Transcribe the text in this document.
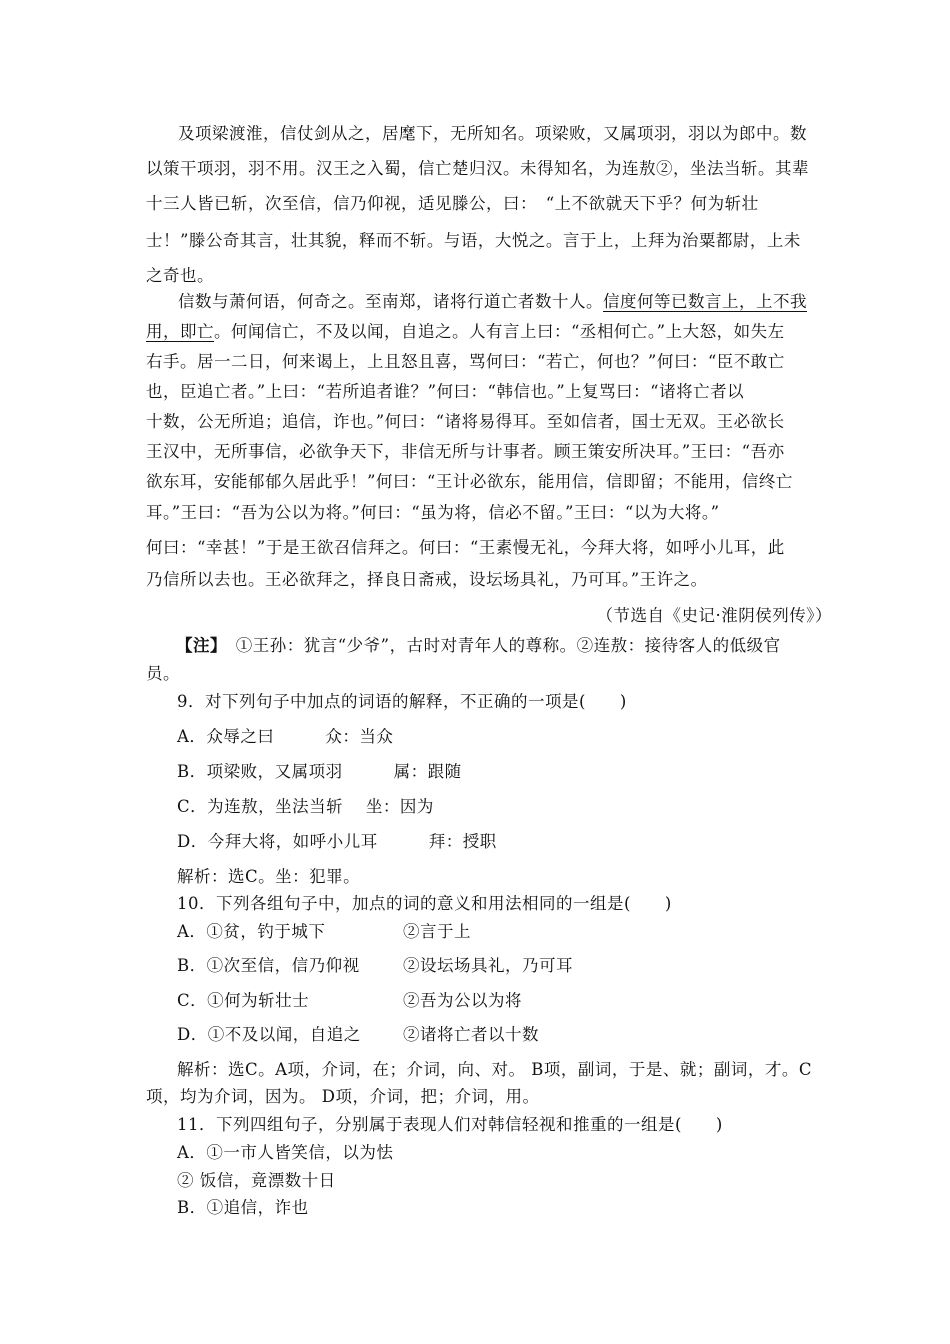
及项梁渡淮，信仗剑从之，居麾下，无所知名。项梁败，又属项羽，羽以为郎中。数
以策干项羽，羽不用。汉王之入蜀，信亡楚归汉。未得知名，为连敖②，坐法当斩。其辈
十三人皆已斩，次至信，信乃仰视，适见滕公，曰：　“上不欲就天下乎？何为斩壮
士！”滕公奇其言，壮其貌，释而不斩。与语，大悦之。言于上，上拜为治粟都尉，上未
之奇也。
信数与萧何语，何奇之。至南郑，诸将行道亡者数十人。信度何等已数言上，上不我
用，即亡。何闻信亡，不及以闻，自追之。人有言上曰：“丞相何亡。”上大怒，如失左
右手。居一二日，何来谒上，上且怒且喜，骂何曰：“若亡，何也？”何曰：“臣不敢亡
也，臣追亡者。”上曰：“若所追者谁？”何曰：“韩信也。”上复骂曰：“诸将亡者以
十数，公无所追；追信，诈也。”何曰：“诸将易得耳。至如信者，国士无双。王必欲长
王汉中，无所事信，必欲争天下，非信无所与计事者。顾王策安所决耳。”王曰：“吾亦
欲东耳，安能郁郁久居此乎！”何曰：“王计必欲东，能用信，信即留；不能用，信终亡
耳。”王曰：“吾为公以为将。”何曰：“虽为将，信必不留。”王曰：“以为大将。”
何曰：“幸甚！”于是王欲召信拜之。何曰：“王素慢无礼，今拜大将，如呼小儿耳，此
乃信所以去也。王必欲拜之，择良日斋戒，设坛场具礼，乃可耳。”王许之。
（节选自《史记·淮阴侯列传》）
【注】　①王孙：犹言“少爷”，古时对青年人的尊称。②连敖：接待客人的低级官
员。
9．对下列句子中加点的词语的解释，不正确的一项是(　　)
A．众辱之曰　　　众：当众
B．项梁败，又属项羽　　　属：跟随
C．为连敖，坐法当斩　 坐：因为
D．今拜大将，如呼小儿耳　　　拜：授职
解析：选C。坐：犯罪。
10．下列各组句子中，加点的词的意义和用法相同的一组是(　　)
A．①贫，钓于城下	②言于上
B．①次至信，信乃仰视	②设坛场具礼，乃可耳
C．①何为斩壮士	②吾为公以为将
D．①不及以闻，自追之	②诸将亡者以十数
解析：选C。A项，介词，在；介词，向、对。 B项，副词，于是、就；副词，才。C
项，均为介词，因为。 D项，介词，把；介词，用。
11．下列四组句子，分别属于表现人们对韩信轻视和推重的一组是(　　)
A．①一市人皆笑信，以为怯
② 饭信，竟漂数十日
B．①追信，诈也
